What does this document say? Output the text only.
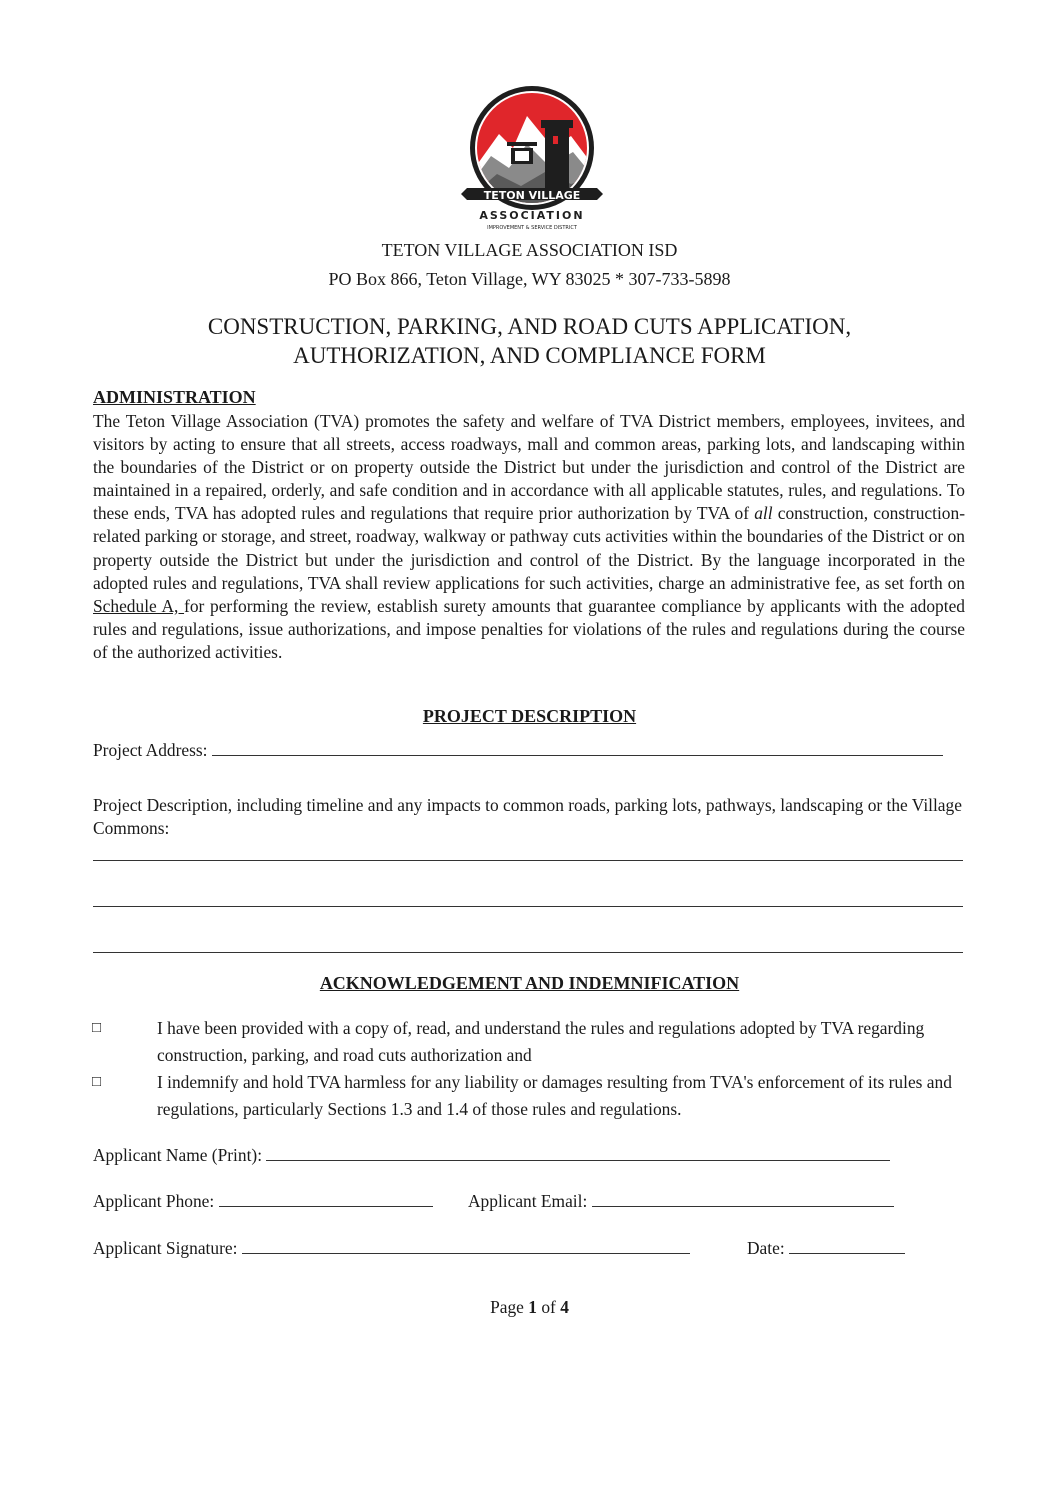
TETON VILLAGE
ASSOCIATION
IMPROVEMENT & SERVICE DISTRICT
TETON VILLAGE ASSOCIATION ISD
PO Box 866, Teton Village, WY 83025 * 307-733-5898
CONSTRUCTION, PARKING, AND ROAD CUTS APPLICATION,
AUTHORIZATION, AND COMPLIANCE FORM
ADMINISTRATION
The Teton Village Association (TVA) promotes the safety and welfare of TVA District members, employees, invitees, and visitors by acting to ensure that all streets, access roadways, mall and common areas, parking lots, and landscaping within the boundaries of the District or on property outside the District but under the jurisdiction and control of the District are maintained in a repaired, orderly, and safe condition and in accordance with all applicable statutes, rules, and regulations. To these ends, TVA has adopted rules and regulations that require prior authorization by TVA of all construction, construction-related parking or storage, and street, roadway, walkway or pathway cuts activities within the boundaries of the District or on property outside the District but under the jurisdiction and control of the District. By the language incorporated in the adopted rules and regulations, TVA shall review applications for such activities, charge an administrative fee, as set forth on Schedule A, for performing the review, establish surety amounts that guarantee compliance by applicants with the adopted rules and regulations, issue authorizations, and impose penalties for violations of the rules and regulations during the course of the authorized activities.
PROJECT DESCRIPTION
Project Address:
Project Description, including timeline and any impacts to common roads, parking lots, pathways, landscaping or the Village Commons:
ACKNOWLEDGEMENT AND INDEMNIFICATION
□	I have been provided with a copy of, read, and understand the rules and regulations adopted by TVA regarding construction, parking, and road cuts authorization and
□	I indemnify and hold TVA harmless for any liability or damages resulting from TVA's enforcement of its rules and regulations, particularly Sections 1.3 and 1.4 of those rules and regulations.
Applicant Name (Print):
Applicant Phone:	Applicant Email:
Applicant Signature:	Date:
Page 1 of 4
